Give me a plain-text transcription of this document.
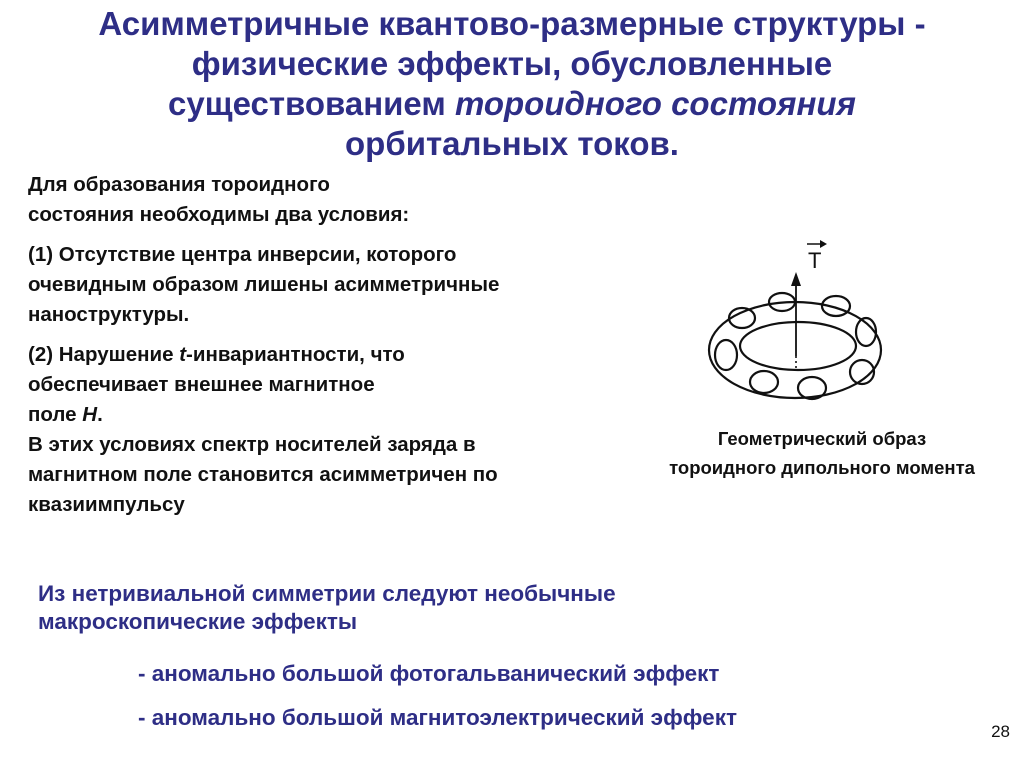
Асимметричные квантово-размерные структуры -
физические эффекты, обусловленные
существованием тороидного состояния
орбитальных токов.

Для образования тороидного
состояния необходимы два условия:

(1) Отсутствие центра инверсии, которого
очевидным образом лишены асимметричные
наноструктуры.

(2) Нарушение t-инвариантности, что
обеспечивает внешнее магнитное
поле H.
В этих условиях спектр носителей заряда в
магнитном поле становится асимметричен по
квазиимпульсу

T
Геометрический образ
тороидного дипольного момента
Из нетривиальной симметрии следуют необычные
макроскопические эффекты
- аномально большой фотогальванический эффект
- аномально большой магнитоэлектрический эффект
28
